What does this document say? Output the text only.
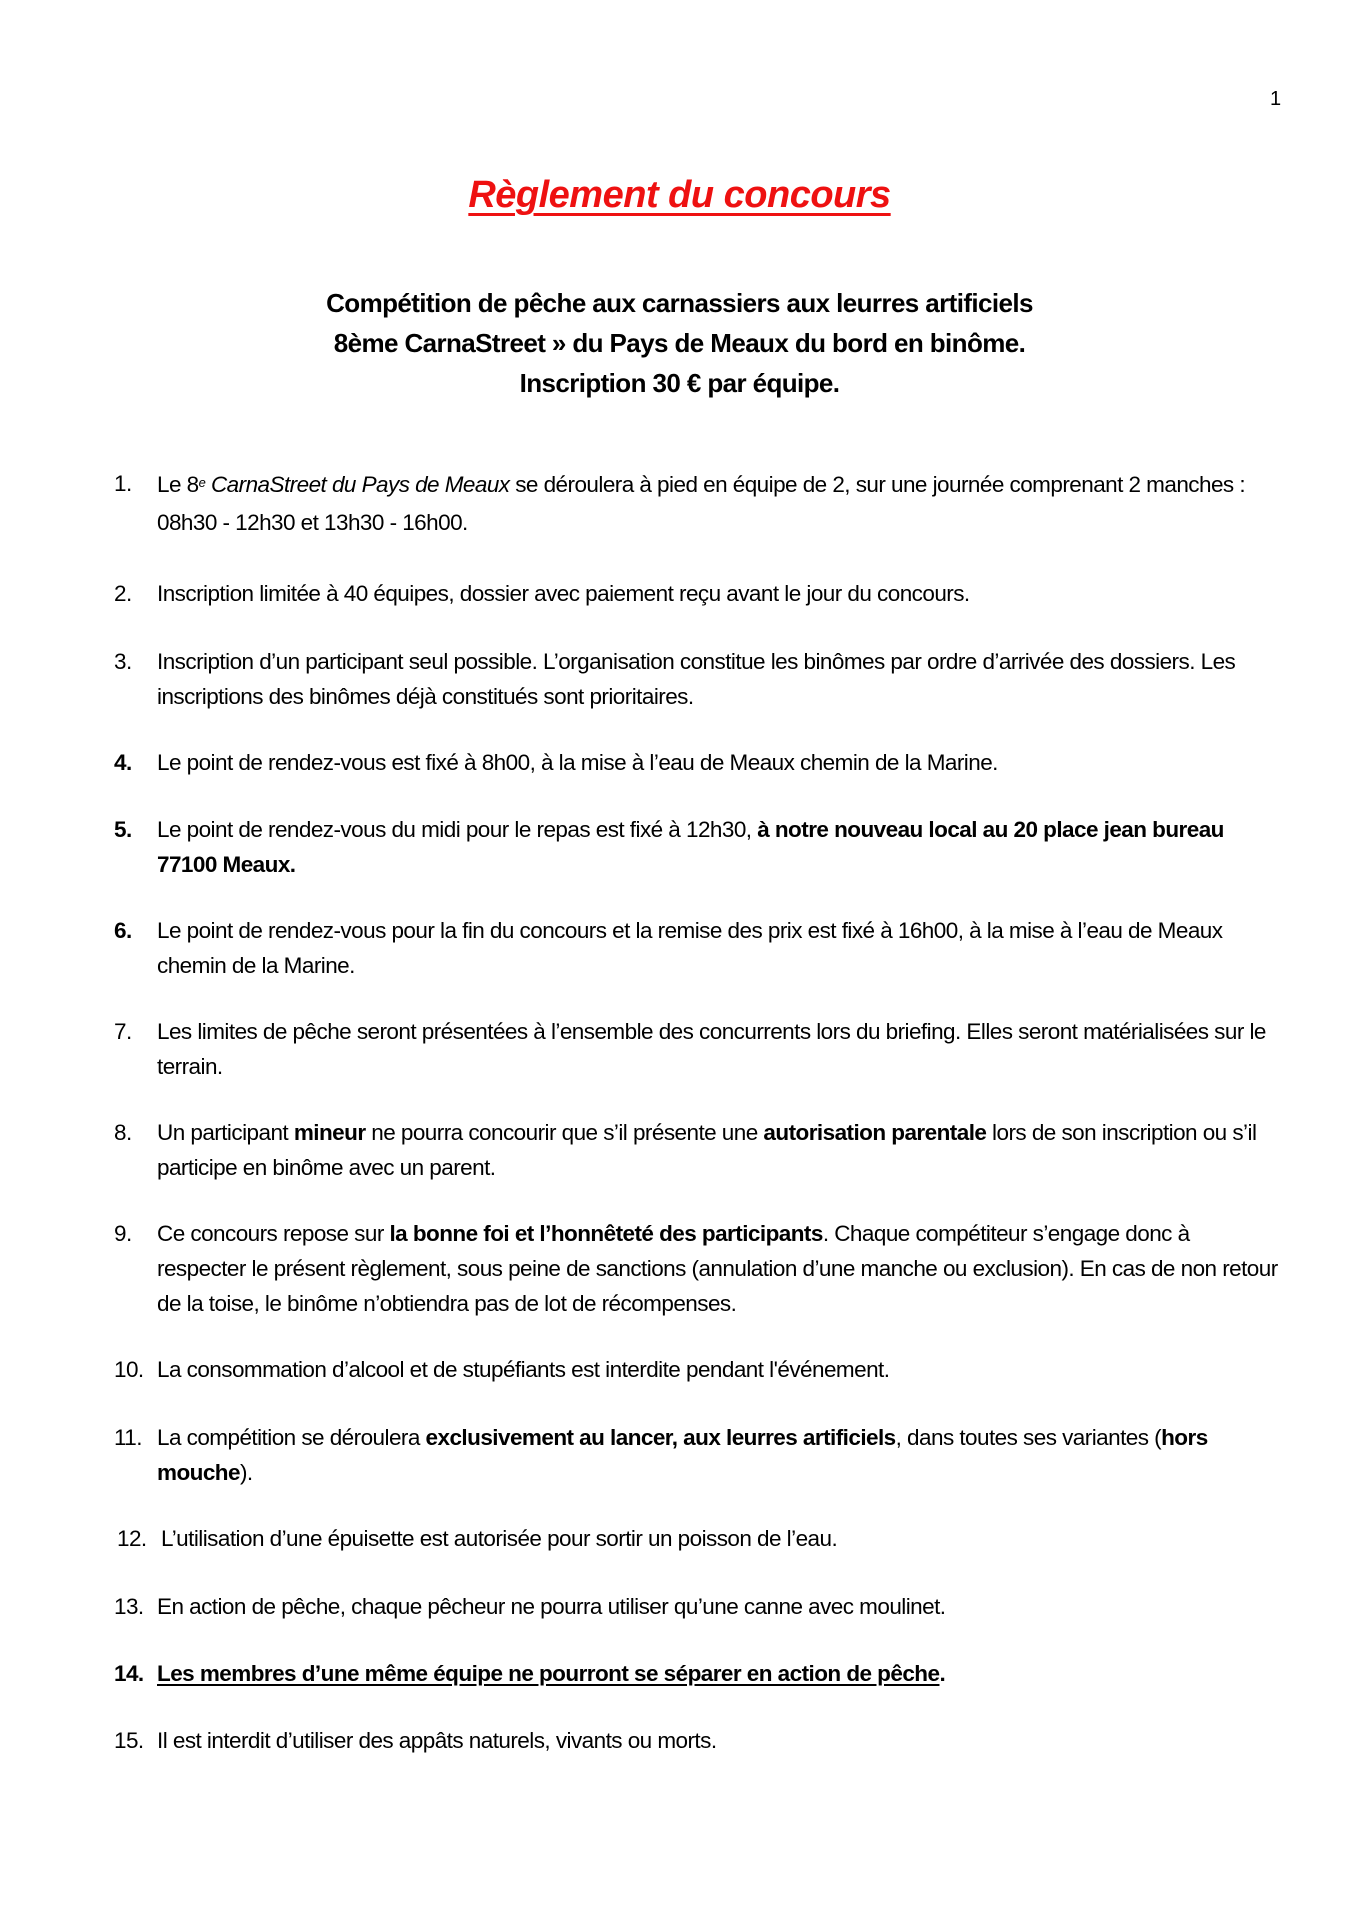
1
Règlement du concours
Compétition de pêche aux carnassiers aux leurres artificiels
8ème CarnaStreet » du Pays de Meaux du bord en binôme.
Inscription 30 € par équipe.
1. Le 8e CarnaStreet du Pays de Meaux se déroulera à pied en équipe de 2, sur une journée comprenant 2 manches : 08h30 - 12h30 et 13h30 - 16h00.
2. Inscription limitée à 40 équipes, dossier avec paiement reçu avant le jour du concours.
3. Inscription d’un participant seul possible. L’organisation constitue les binômes par ordre d’arrivée des dossiers. Les inscriptions des binômes déjà constitués sont prioritaires.
4. Le point de rendez-vous est fixé à 8h00, à la mise à l’eau de Meaux chemin de la Marine.
5. Le point de rendez-vous du midi pour le repas est fixé à 12h30, à notre nouveau local au 20 place jean bureau 77100 Meaux.
6. Le point de rendez-vous pour la fin du concours et la remise des prix est fixé à 16h00, à la mise à l’eau de Meaux chemin de la Marine.
7. Les limites de pêche seront présentées à l’ensemble des concurrents lors du briefing. Elles seront matérialisées sur le terrain.
8. Un participant mineur ne pourra concourir que s’il présente une autorisation parentale lors de son inscription ou s’il participe en binôme avec un parent.
9. Ce concours repose sur la bonne foi et l’honnêteté des participants. Chaque compétiteur s’engage donc à respecter le présent règlement, sous peine de sanctions (annulation d’une manche ou exclusion). En cas de non retour de la toise, le binôme n’obtiendra pas de lot de récompenses.
10. La consommation d’alcool et de stupéfiants est interdite pendant l'événement.
11. La compétition se déroulera exclusivement au lancer, aux leurres artificiels, dans toutes ses variantes (hors mouche).
12. L’utilisation d’une épuisette est autorisée pour sortir un poisson de l’eau.
13. En action de pêche, chaque pêcheur ne pourra utiliser qu’une canne avec moulinet.
14. Les membres d’une même équipe ne pourront se séparer en action de pêche.
15. Il est interdit d’utiliser des appâts naturels, vivants ou morts.
